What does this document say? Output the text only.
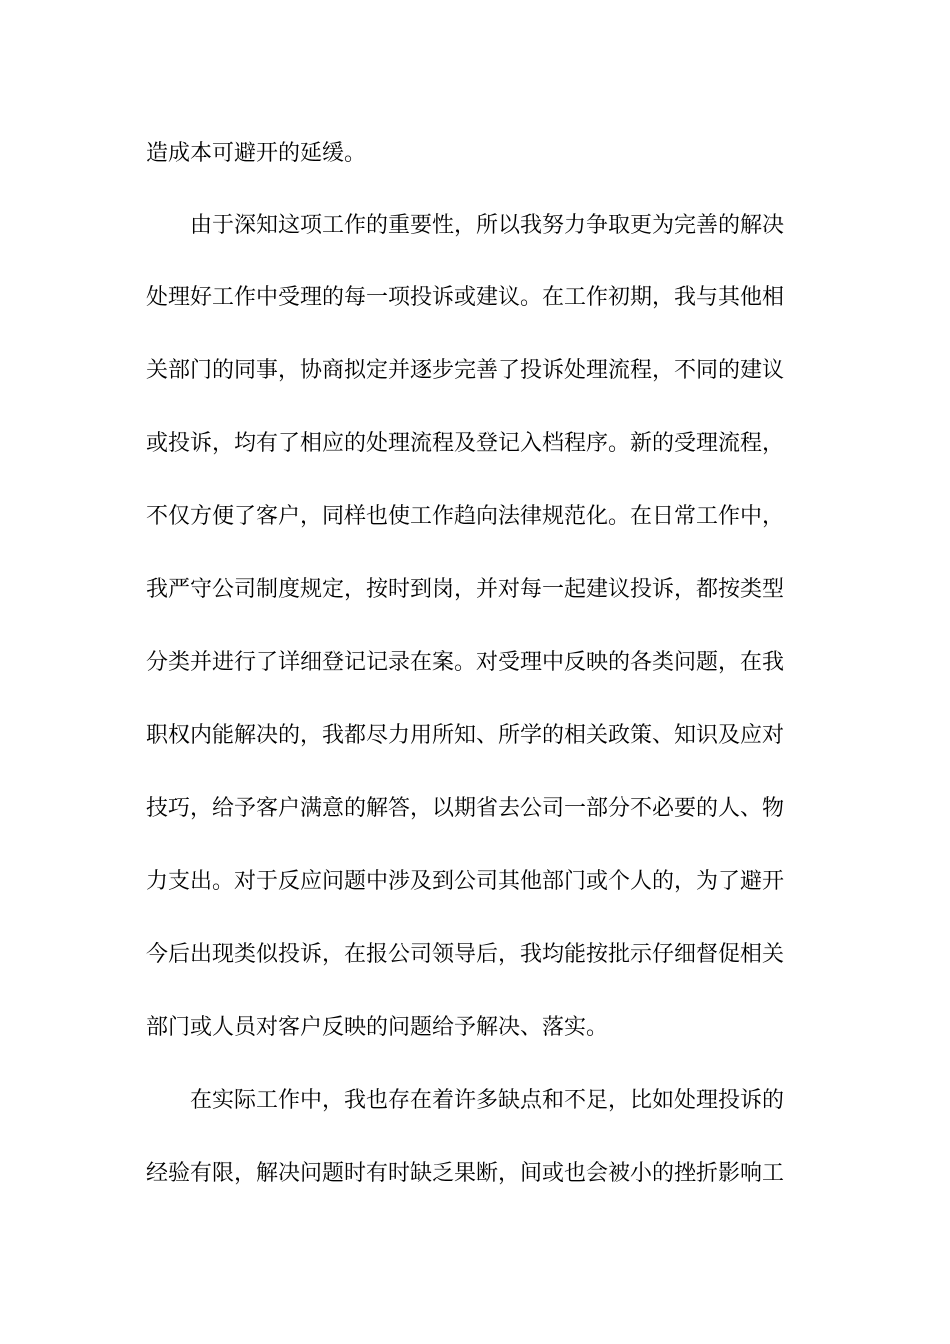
造成本可避开的延缓。
由于深知这项工作的重要性，所以我努力争取更为完善的解决
处理好工作中受理的每一项投诉或建议。在工作初期，我与其他相
关部门的同事，协商拟定并逐步完善了投诉处理流程，不同的建议
或投诉，均有了相应的处理流程及登记入档程序。新的受理流程，
不仅方便了客户，同样也使工作趋向法律规范化。在日常工作中，
我严守公司制度规定，按时到岗，并对每一起建议投诉，都按类型
分类并进行了详细登记记录在案。对受理中反映的各类问题，在我
职权内能解决的，我都尽力用所知、所学的相关政策、知识及应对
技巧，给予客户满意的解答，以期省去公司一部分不必要的人、物
力支出。对于反应问题中涉及到公司其他部门或个人的，为了避开
今后出现类似投诉，在报公司领导后，我均能按批示仔细督促相关
部门或人员对客户反映的问题给予解决、落实。
在实际工作中，我也存在着许多缺点和不足，比如处理投诉的
经验有限，解决问题时有时缺乏果断，间或也会被小的挫折影响工
